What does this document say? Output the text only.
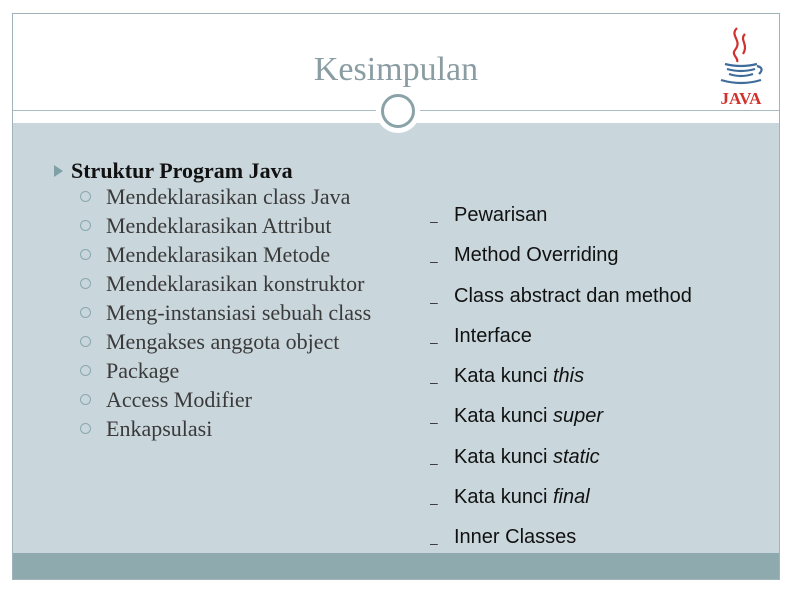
Kesimpulan
JAVA
Struktur Program Java
Mendeklarasikan class Java
Mendeklarasikan Attribut
Mendeklarasikan Metode
Mendeklarasikan konstruktor
Meng-instansiasi sebuah class
Mengakses anggota object
Package
Access Modifier
Enkapsulasi
– Pewarisan
– Method Overriding
– Class abstract dan method
– Interface
– Kata kunci this
– Kata kunci super
– Kata kunci static
– Kata kunci final
– Inner Classes
